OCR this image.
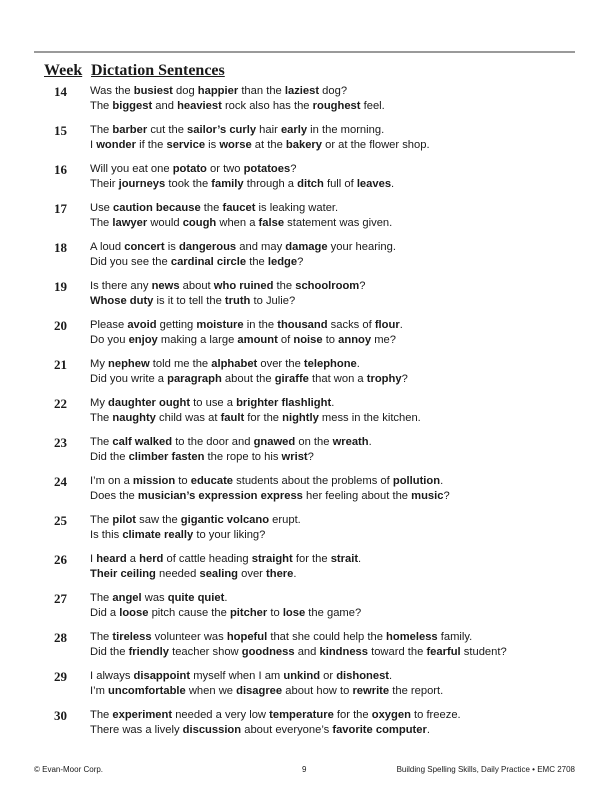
Week Dictation Sentences
14	Was the busiest dog happier than the laziest dog?
The biggest and heaviest rock also has the roughest feel.
15	The barber cut the sailor’s curly hair early in the morning.
I wonder if the service is worse at the bakery or at the flower shop.
16	Will you eat one potato or two potatoes?
Their journeys took the family through a ditch full of leaves.
17	Use caution because the faucet is leaking water.
The lawyer would cough when a false statement was given.
18	A loud concert is dangerous and may damage your hearing.
Did you see the cardinal circle the ledge?
19	Is there any news about who ruined the schoolroom?
Whose duty is it to tell the truth to Julie?
20	Please avoid getting moisture in the thousand sacks of flour.
Do you enjoy making a large amount of noise to annoy me?
21	My nephew told me the alphabet over the telephone.
Did you write a paragraph about the giraffe that won a trophy?
22	My daughter ought to use a brighter flashlight.
The naughty child was at fault for the nightly mess in the kitchen.
23	The calf walked to the door and gnawed on the wreath.
Did the climber fasten the rope to his wrist?
24	I’m on a mission to educate students about the problems of pollution.
Does the musician’s expression express her feeling about the music?
25	The pilot saw the gigantic volcano erupt.
Is this climate really to your liking?
26	I heard a herd of cattle heading straight for the strait.
Their ceiling needed sealing over there.
27	The angel was quite quiet.
Did a loose pitch cause the pitcher to lose the game?
28	The tireless volunteer was hopeful that she could help the homeless family.
Did the friendly teacher show goodness and kindness toward the fearful student?
29	I always disappoint myself when I am unkind or dishonest.
I’m uncomfortable when we disagree about how to rewrite the report.
30	The experiment needed a very low temperature for the oxygen to freeze.
There was a lively discussion about everyone’s favorite computer.
© Evan-Moor Corp.	9	Building Spelling Skills, Daily Practice • EMC 2708
